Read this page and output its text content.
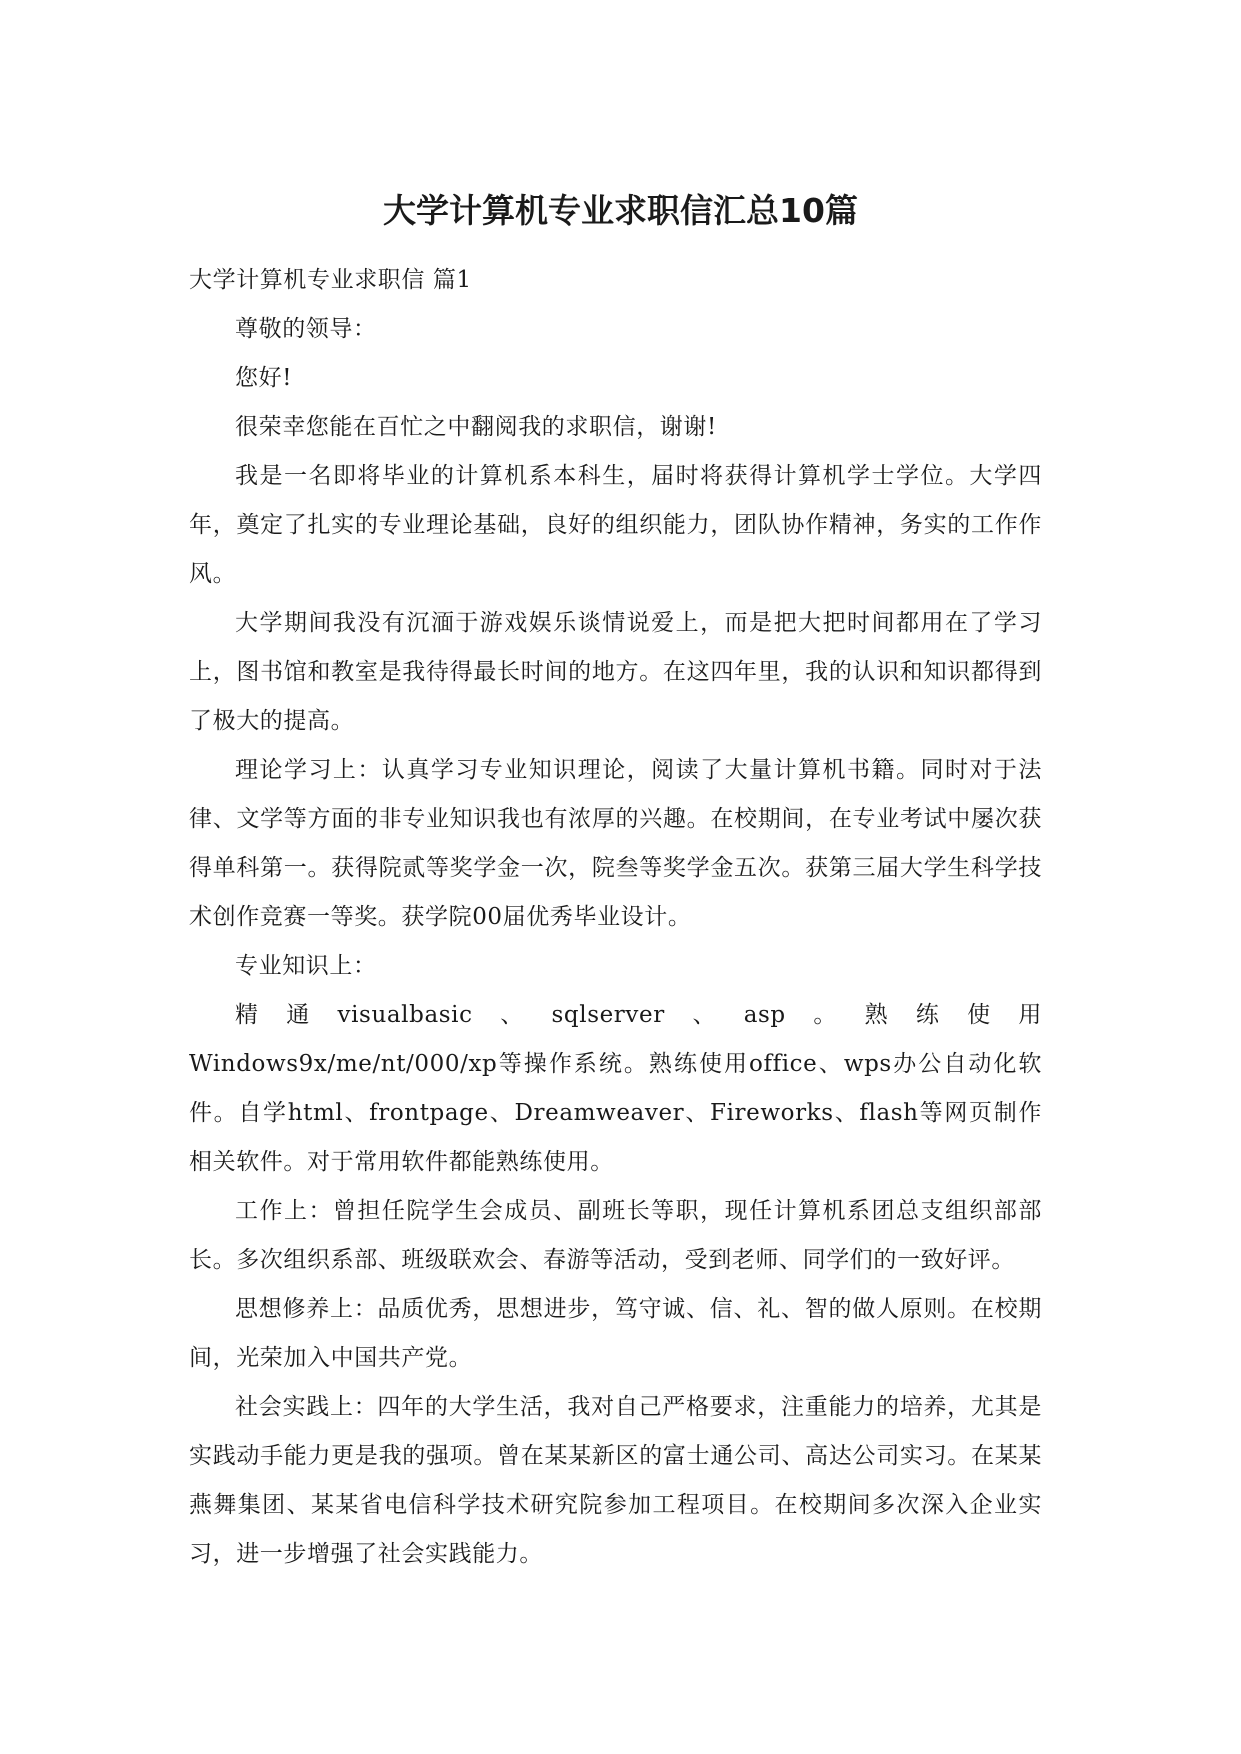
大学计算机专业求职信汇总10篇

大学计算机专业求职信 篇1

尊敬的领导：

您好!

很荣幸您能在百忙之中翻阅我的求职信，谢谢!

我是一名即将毕业的计算机系本科生，届时将获得计算机学士学位。大学四年，奠定了扎实的专业理论基础，良好的组织能力，团队协作精神，务实的工作作风。

大学期间我没有沉湎于游戏娱乐谈情说爱上，而是把大把时间都用在了学习上，图书馆和教室是我待得最长时间的地方。在这四年里，我的认识和知识都得到了极大的提高。

理论学习上：认真学习专业知识理论，阅读了大量计算机书籍。同时对于法律、文学等方面的非专业知识我也有浓厚的兴趣。在校期间，在专业考试中屡次获得单科第一。获得院贰等奖学金一次，院叁等奖学金五次。获第三届大学生科学技术创作竞赛一等奖。获学院00届优秀毕业设计。

专业知识上：

精通visualbasic、sqlserver、asp。熟练使用Windows9x/me/nt/000/xp等操作系统。熟练使用office、wps办公自动化软件。自学html、frontpage、Dreamweaver、Fireworks、flash等网页制作相关软件。对于常用软件都能熟练使用。

工作上：曾担任院学生会成员、副班长等职，现任计算机系团总支组织部部长。多次组织系部、班级联欢会、春游等活动，受到老师、同学们的一致好评。

思想修养上：品质优秀，思想进步，笃守诚、信、礼、智的做人原则。在校期间，光荣加入中国共产党。

社会实践上：四年的大学生活，我对自己严格要求，注重能力的培养，尤其是实践动手能力更是我的强项。曾在某某新区的富士通公司、高达公司实习。在某某燕舞集团、某某省电信科学技术研究院参加工程项目。在校期间多次深入企业实习，进一步增强了社会实践能力。
